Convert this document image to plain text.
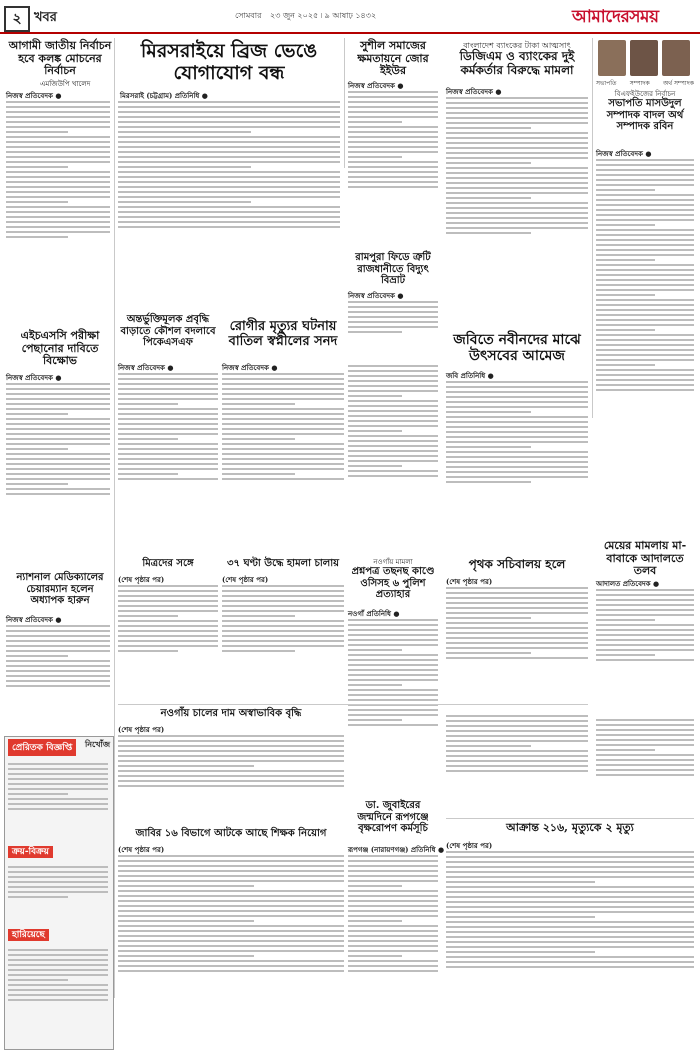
২ খবর	সোমবার ২৩ জুন ২০২৫ ৷ ৯ আষাঢ় ১৪৩২	আমাদেরসময়
আগামী জাতীয় নির্বাচন হবে কলঙ্ক মোচনের নির্বাচন
এমজিউপি খালেদ
নিজস্ব প্রতিবেদক ●
এইচএসসি পরীক্ষা পেছানোর দাবিতে বিক্ষোভ
নিজস্ব প্রতিবেদক ●
ন্যাশনাল মেডিক্যালের চেয়ারম্যান হলেন অধ্যাপক হারুন
নিজস্ব প্রতিবেদক ●
প্রেরিতক বিজ্ঞপ্তি	নিখোঁজ
ক্রয়-বিক্রয়
হারিয়েছে
মিরসরাইয়ে ব্রিজ ভেঙে যোগাযোগ বন্ধ
মিরসরাই (চট্টগ্রাম) প্রতিনিধি ●
সুশীল সমাজের ক্ষমতায়নে জোর ইইউর
নিজস্ব প্রতিবেদক ●
রামপুরা ফিডে ত্রুটি রাজধানীতে বিদ্যুৎ বিভ্রাট
নিজস্ব প্রতিবেদক ●
বাংলাদেশ ব্যাংকের টাকা আত্মসাৎ
ডিজিএম ও ব্যাংকের দুই কর্মকর্তার বিরুদ্ধে মামলা
নিজস্ব প্রতিবেদক ●
সভাপতি সম্পাদক অর্থ সম্পাদক
বিএফইউজের নির্বাচন
সভাপতি মাসউদুল সম্পাদক বাদল অর্থ সম্পাদক রবিন
নিজস্ব প্রতিবেদক ●
অন্তর্ভুক্তিমূলক প্রবৃদ্ধি বাড়াতে কৌশল বদলাবে পিকেএসএফ
নিজস্ব প্রতিবেদক ●
রোগীর মৃত্যুর ঘটনায় বাতিল স্বপ্নীলের সনদ
নিজস্ব প্রতিবেদক ●
জবিতে নবীনদের মাঝে উৎসবের আমেজ
জবি প্রতিনিধি ●
মিত্রদের সঙ্গে
(শেষ পৃষ্ঠার পর)
৩৭ ঘণ্টা উদ্ধে হামলা চালায়
(শেষ পৃষ্ঠার পর)
নওগাঁয় মামলা
প্রশ্নপত্র তছনছ কাণ্ডে ওসিসহ ৬ পুলিশ প্রত্যাহার
নওগাঁ প্রতিনিধি ●
পৃথক সচিবালয় হলে
(শেষ পৃষ্ঠার পর)
মেয়ের মামলায় মা-বাবাকে আদালতে তলব
আদালত প্রতিবেদক ●
নওগাঁয় চালের দাম অস্বাভাবিক বৃদ্ধি
(শেষ পৃষ্ঠার পর)
জাবির ১৬ বিভাগে আটকে আছে শিক্ষক নিয়োগ
(শেষ পৃষ্ঠার পর)
ডা. জুবাইরের জন্মদিনে রূপগঞ্জে বৃক্ষরোপণ কর্মসূচি
রূপগঞ্জ (নারায়ণগঞ্জ) প্রতিনিধি ●
আক্রান্ত ২১৬, মৃত্যুকে ২ মৃত্যু
(শেষ পৃষ্ঠার পর)
